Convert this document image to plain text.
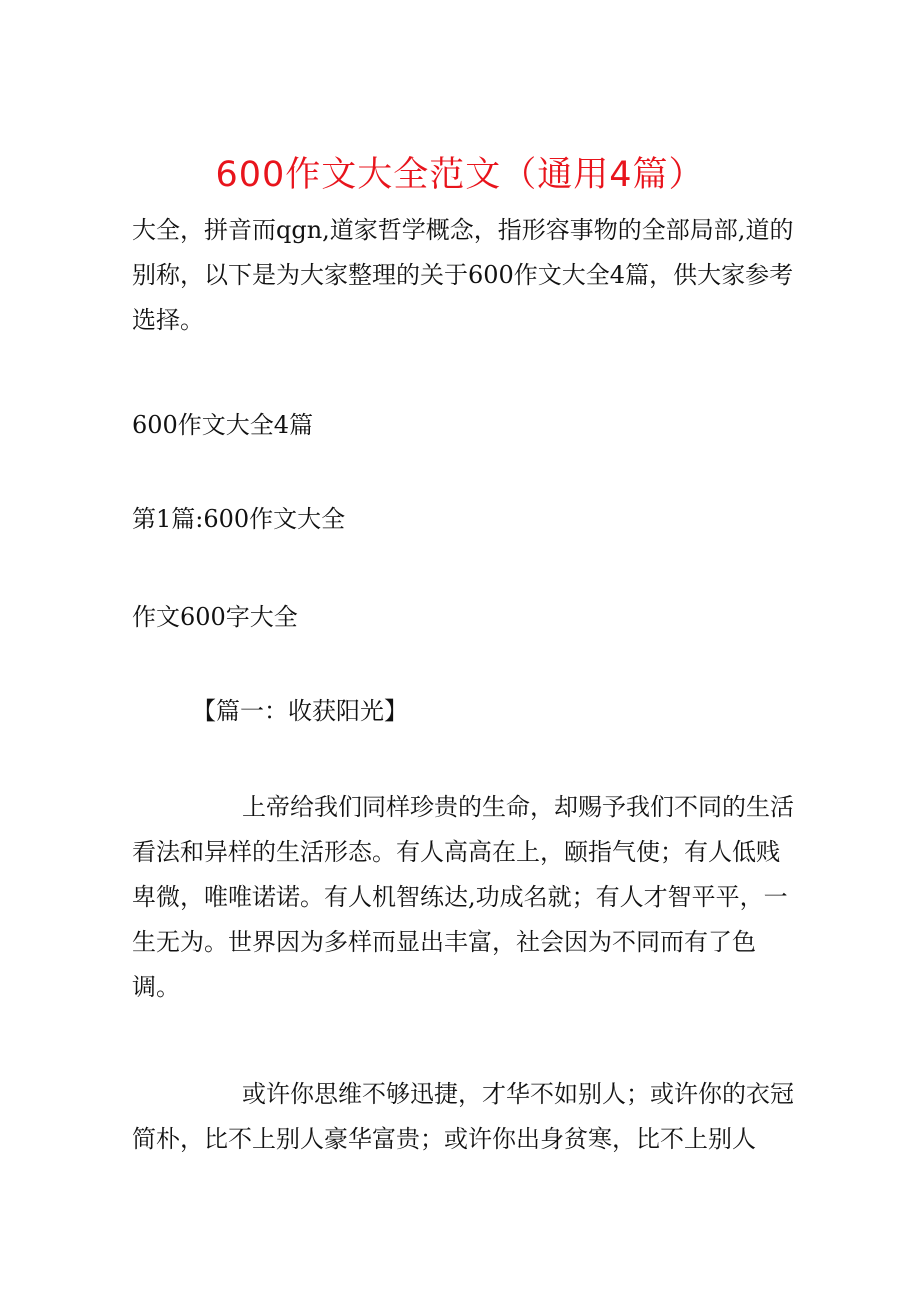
600作文大全范文（通用4篇）

大全，拼音而qgn,道家哲学概念，指形容事物的全部局部,道的别称，以下是为大家整理的关于600作文大全4篇，供大家参考选择。

600作文大全4篇

第1篇:600作文大全

作文600字大全

【篇一：收获阳光】

上帝给我们同样珍贵的生命，却赐予我们不同的生活看法和异样的生活形态。有人高高在上，颐指气使；有人低贱卑微，唯唯诺诺。有人机智练达,功成名就；有人才智平平，一生无为。世界因为多样而显出丰富，社会因为不同而有了色调。

或许你思维不够迅捷，才华不如别人；或许你的衣冠简朴，比不上别人豪华富贵；或许你出身贫寒，比不上别人
